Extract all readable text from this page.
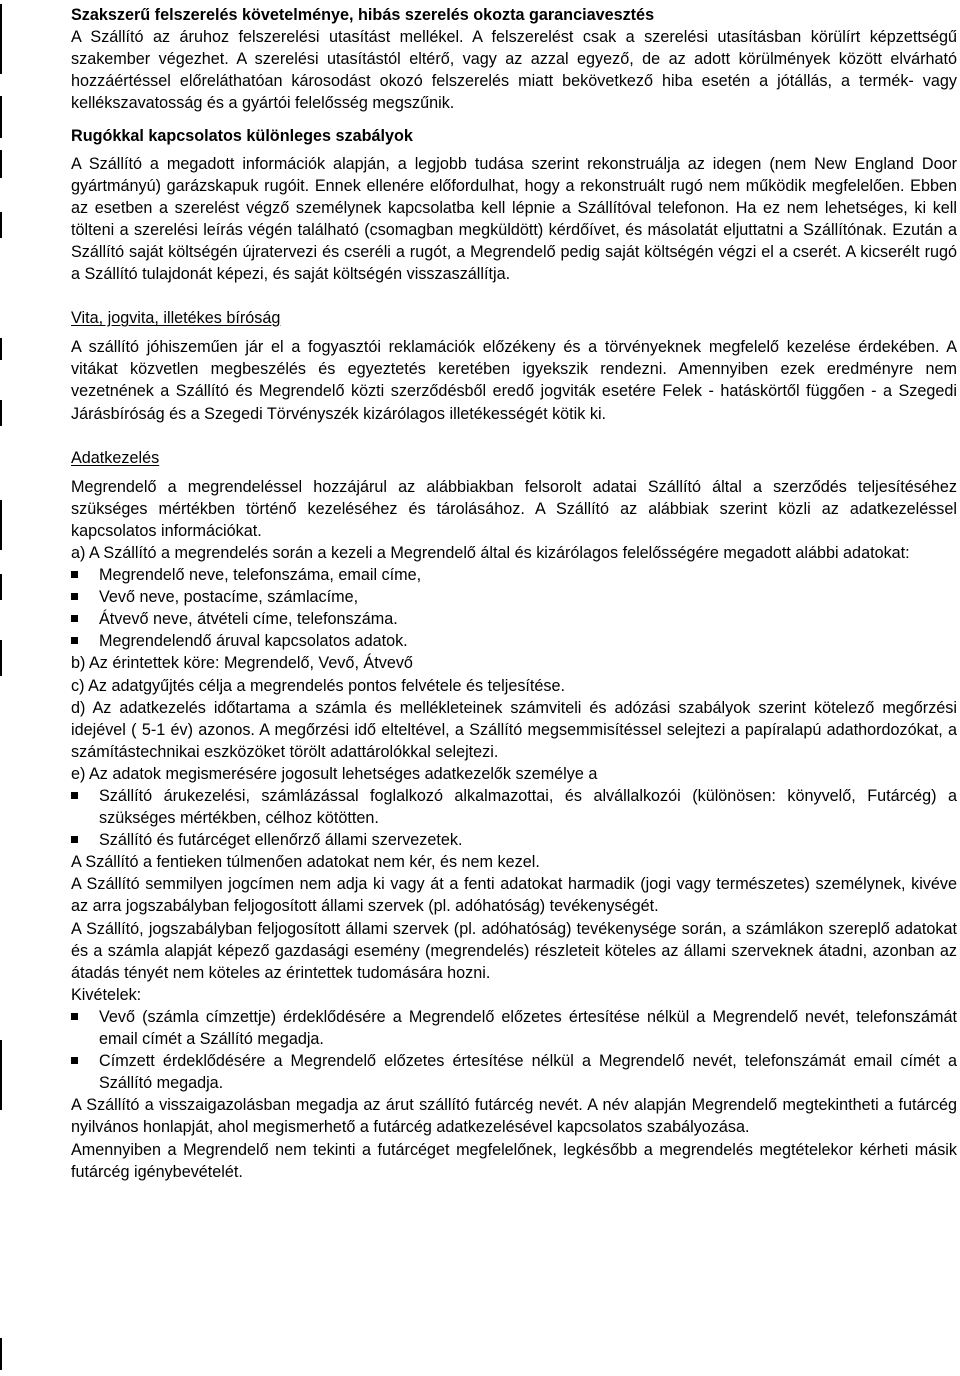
Szakszerű felszerelés követelménye, hibás szerelés okozta garanciavesztés
A Szállító az áruhoz felszerelési utasítást mellékel. A felszerelést csak a szerelési utasításban körülírt képzettségű szakember végezhet. A szerelési utasítástól eltérő, vagy az azzal egyező, de az adott körülmények között elvárható hozzáértéssel előreláthatóan károsodást okozó felszerelés miatt bekövetkező hiba esetén a jótállás, a termék- vagy kellékszavatosság és a gyártói felelősség megszűnik.
Rugókkal kapcsolatos különleges szabályok
A Szállító a megadott információk alapján, a legjobb tudása szerint rekonstruálja az idegen (nem New England Door gyártmányú) garázskapuk rugóit. Ennek ellenére előfordulhat, hogy a rekonstruált rugó nem működik megfelelően. Ebben az esetben a szerelést végző személynek kapcsolatba kell lépnie a Szállítóval telefonon. Ha ez nem lehetséges, ki kell tölteni a szerelési leírás végén található (csomagban megküldött) kérdőívet, és másolatát eljuttatni a Szállítónak. Ezután a Szállító saját költségén újratervezi és cseréli a rugót, a Megrendelő pedig saját költségén végzi el a cserét. A kicserélt rugó a Szállító tulajdonát képezi, és saját költségén visszaszállítja.
Vita, jogvita, illetékes bíróság
A szállító jóhiszeműen jár el a fogyasztói reklamációk előzékeny és a törvényeknek megfelelő kezelése érdekében. A vitákat közvetlen megbeszélés és egyeztetés keretében igyekszik rendezni. Amennyiben ezek eredményre nem vezetnének a Szállító és Megrendelő közti szerződésből eredő jogviták esetére Felek - hatáskörtől függően - a Szegedi Járásbíróság és a Szegedi Törvényszék kizárólagos illetékességét kötik ki.
Adatkezelés
Megrendelő a megrendeléssel hozzájárul az alábbiakban felsorolt adatai Szállító által a szerződés teljesítéséhez szükséges mértékben történő kezeléséhez és tárolásához. A Szállító az alábbiak szerint közli az adatkezeléssel kapcsolatos információkat.
a) A Szállító a megrendelés során a kezeli a Megrendelő által és kizárólagos felelősségére megadott alábbi adatokat:
Megrendelő neve, telefonszáma, email címe,
Vevő neve, postacíme, számlacíme,
Átvevő neve, átvételi címe, telefonszáma.
Megrendelendő áruval kapcsolatos adatok.
b) Az érintettek köre: Megrendelő, Vevő, Átvevő
c) Az adatgyűjtés célja a megrendelés pontos felvétele és teljesítése.
d) Az adatkezelés időtartama a számla és mellékleteinek számviteli és adózási szabályok szerint kötelező megőrzési idejével ( 5-1 év) azonos. A megőrzési idő elteltével, a Szállító megsemmisítéssel selejtezi a papíralapú adathordozókat, a számítástechnikai eszközöket törölt adattárolókkal selejtezi.
e) Az adatok megismerésére jogosult lehetséges adatkezelők személye a
Szállító árukezelési, számlázással foglalkozó alkalmazottai, és alvállalkozói (különösen: könyvelő, Futárcég) a szükséges mértékben, célhoz kötötten.
Szállító és futárcéget ellenőrző állami szervezetek.
A Szállító a fentieken túlmenően adatokat nem kér, és nem kezel.
A Szállító semmilyen jogcímen nem adja ki vagy át a fenti adatokat harmadik (jogi vagy természetes) személynek, kivéve az arra jogszabályban feljogosított állami szervek (pl. adóhatóság) tevékenységét.
A Szállító, jogszabályban feljogosított állami szervek (pl. adóhatóság) tevékenysége során, a számlákon szereplő adatokat és a számla alapját képező gazdasági esemény (megrendelés) részleteit köteles az állami szerveknek átadni, azonban az átadás tényét nem köteles az érintettek tudomására hozni.
Kivételek:
Vevő (számla címzettje) érdeklődésére a Megrendelő előzetes értesítése nélkül a Megrendelő nevét, telefonszámát email címét a Szállító megadja.
Címzett érdeklődésére a Megrendelő előzetes értesítése nélkül a Megrendelő nevét, telefonszámát email címét a Szállító megadja.
A Szállító a visszaigazolásban megadja az árut szállító futárcég nevét. A név alapján Megrendelő megtekintheti a futárcég nyilvános honlapját, ahol megismerhető a futárcég adatkezelésével kapcsolatos szabályozása.
Amennyiben a Megrendelő nem tekinti a futárcéget megfelelőnek, legkésőbb a megrendelés megtételekor kérheti másik futárcég igénybevételét.
